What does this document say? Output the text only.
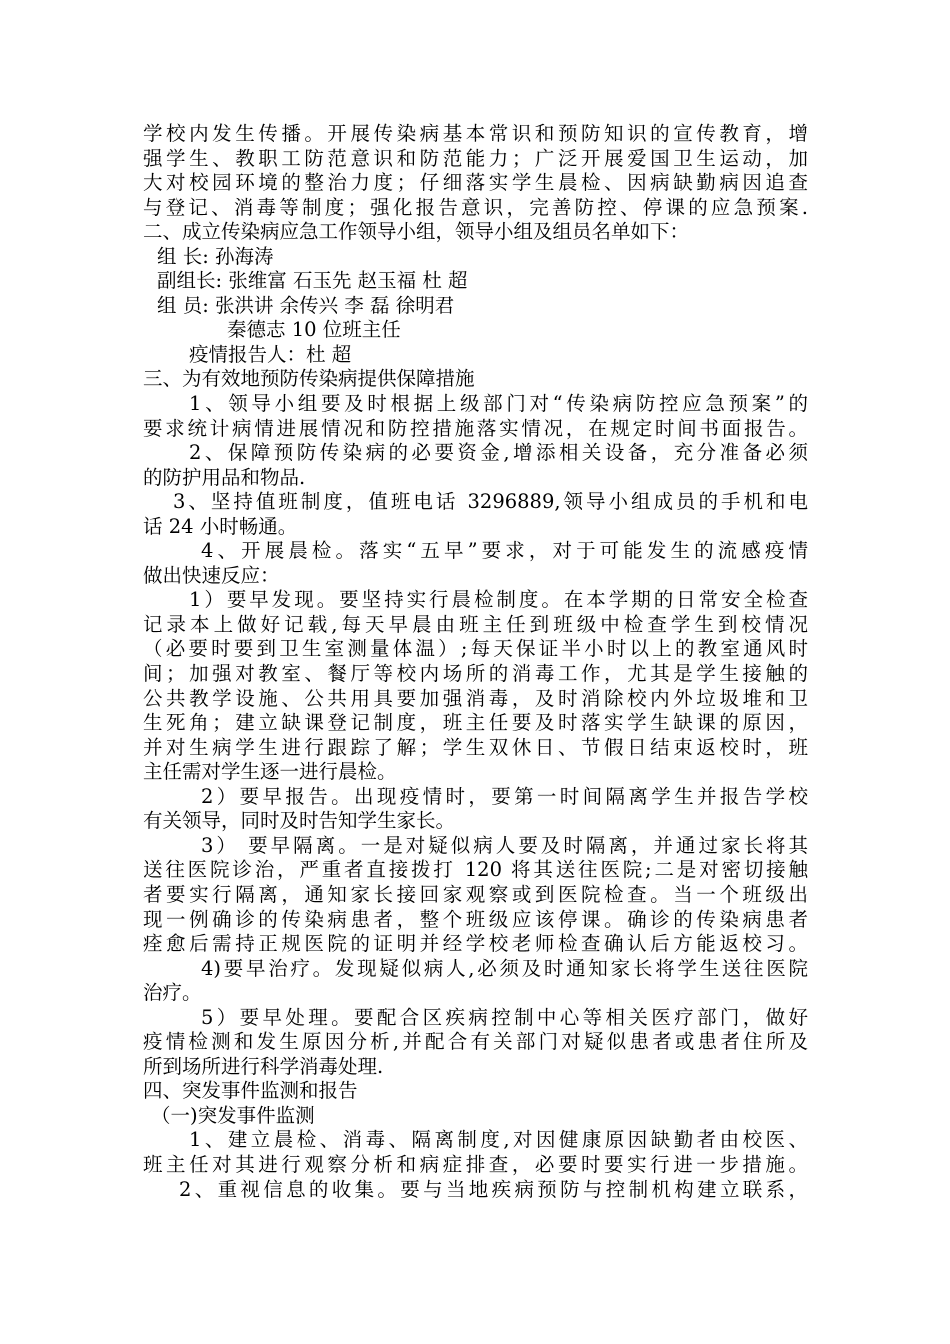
学校内发生传播。开展传染病基本常识和预防知识的宣传教育，增
强学生、教职工防范意识和防范能力；广泛开展爱国卫生运动，加
大对校园环境的整治力度；仔细落实学生晨检、因病缺勤病因追查
与登记、消毒等制度；强化报告意识，完善防控、停课的应急预案.
二、成立传染病应急工作领导小组，领导小组及组员名单如下：
组 长: 孙海涛
副组长: 张维富 石玉先 赵玉福 杜 超
组 员: 张洪讲 余传兴 李 磊 徐明君
秦德志 10 位班主任
疫情报告人：杜 超
三、为有效地预防传染病提供保障措施
1、领导小组要及时根据上级部门对“传染病防控应急预案”的
要求统计病情进展情况和防控措施落实情况，在规定时间书面报告。
2、保障预防传染病的必要资金,增添相关设备，充分准备必须
的防护用品和物品.
3、坚持值班制度，值班电话 3296889,领导小组成员的手机和电
话 24 小时畅通。
4、开展晨检。落实“五早”要求，对于可能发生的流感疫情
做出快速反应：
1）要早发现。要坚持实行晨检制度。在本学期的日常安全检查
记录本上做好记载,每天早晨由班主任到班级中检查学生到校情况
（必要时要到卫生室测量体温）;每天保证半小时以上的教室通风时
间；加强对教室、餐厅等校内场所的消毒工作，尤其是学生接触的
公共教学设施、公共用具要加强消毒，及时消除校内外垃圾堆和卫
生死角；建立缺课登记制度，班主任要及时落实学生缺课的原因，
并对生病学生进行跟踪了解；学生双休日、节假日结束返校时，班
主任需对学生逐一进行晨检。
2）要早报告。出现疫情时，要第一时间隔离学生并报告学校
有关领导，同时及时告知学生家长。
3） 要早隔离。一是对疑似病人要及时隔离，并通过家长将其
送往医院诊治，严重者直接拨打 120 将其送往医院;二是对密切接触
者要实行隔离，通知家长接回家观察或到医院检查。当一个班级出
现一例确诊的传染病患者，整个班级应该停课。确诊的传染病患者
痊愈后需持正规医院的证明并经学校老师检查确认后方能返校习。
4)要早治疗。发现疑似病人,必须及时通知家长将学生送往医院
治疗。
5）要早处理。要配合区疾病控制中心等相关医疗部门，做好
疫情检测和发生原因分析,并配合有关部门对疑似患者或患者住所及
所到场所进行科学消毒处理.
四、突发事件监测和报告
（一)突发事件监测
1、建立晨检、消毒、隔离制度,对因健康原因缺勤者由校医、
班主任对其进行观察分析和病症排查，必要时要实行进一步措施。
2、重视信息的收集。要与当地疾病预防与控制机构建立联系，
